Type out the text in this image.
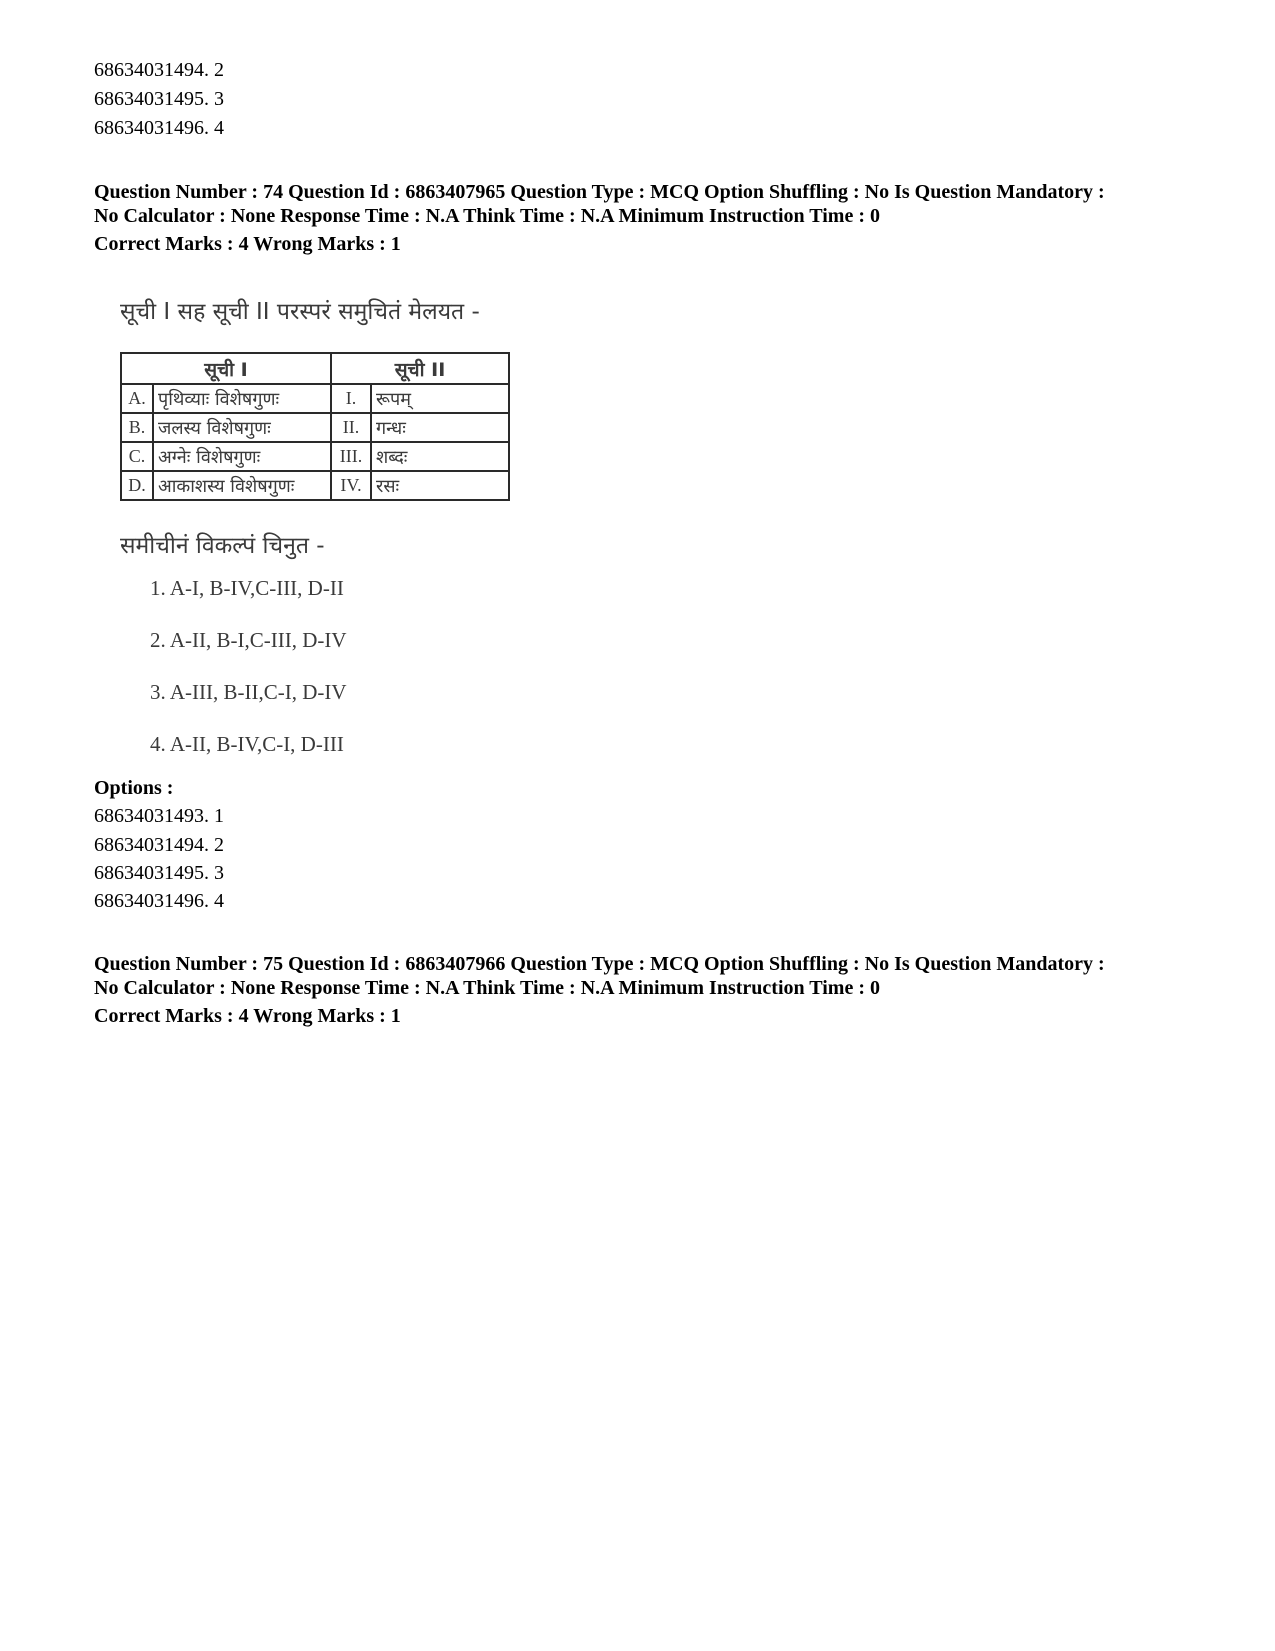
68634031494. 2
68634031495. 3
68634031496. 4
Question Number : 74 Question Id : 6863407965 Question Type : MCQ Option Shuffling : No Is Question Mandatory :
No Calculator : None Response Time : N.A Think Time : N.A Minimum Instruction Time : 0
Correct Marks : 4 Wrong Marks : 1
सूची I सह सूची II परस्परं समुचितं मेलयत -
सूची I		सूची II	
A.	पृथिव्याः विशेषगुणः	I.	रूपम्
B.	जलस्य विशेषगुणः	II.	गन्धः
C.	अग्नेः विशेषगुणः	III.	शब्दः
D.	आकाशस्य विशेषगुणः	IV.	रसः
समीचीनं विकल्पं चिनुत -
1. A-I, B-IV,C-III, D-II
2. A-II, B-I,C-III, D-IV
3. A-III, B-II,C-I, D-IV
4. A-II, B-IV,C-I, D-III
Options :
68634031493. 1
68634031494. 2
68634031495. 3
68634031496. 4
Question Number : 75 Question Id : 6863407966 Question Type : MCQ Option Shuffling : No Is Question Mandatory :
No Calculator : None Response Time : N.A Think Time : N.A Minimum Instruction Time : 0
Correct Marks : 4 Wrong Marks : 1
